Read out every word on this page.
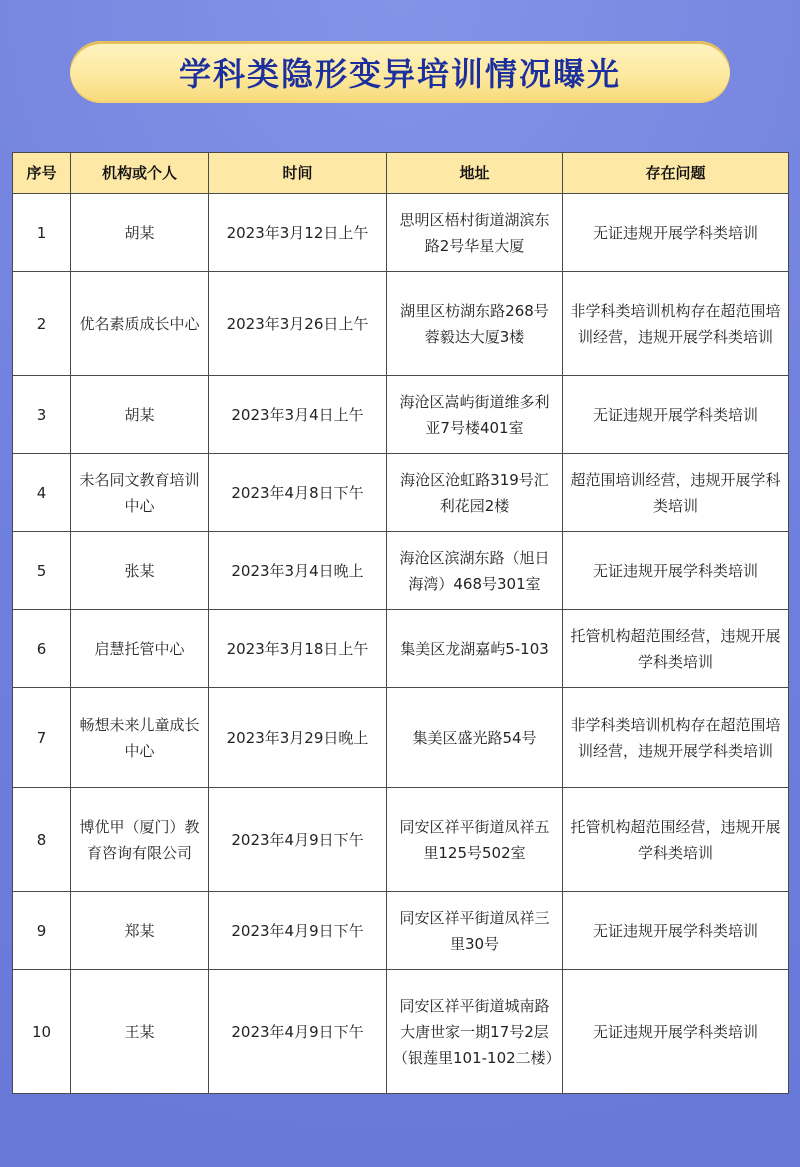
学科类隐形变异培训情况曝光
序号	机构或个人	时间	地址	存在问题
1	胡某	2023年3月12日上午	思明区梧村街道湖滨东路2号华星大厦	无证违规开展学科类培训
2	优名素质成长中心	2023年3月26日上午	湖里区枋湖东路268号蓉毅达大厦3楼	非学科类培训机构存在超范围培训经营，违规开展学科类培训
3	胡某	2023年3月4日上午	海沧区嵩屿街道维多利亚7号楼401室	无证违规开展学科类培训
4	未名同文教育培训中心	2023年4月8日下午	海沧区沧虹路319号汇利花园2楼	超范围培训经营，违规开展学科类培训
5	张某	2023年3月4日晚上	海沧区滨湖东路（旭日海湾）468号301室	无证违规开展学科类培训
6	启慧托管中心	2023年3月18日上午	集美区龙湖嘉屿5-103	托管机构超范围经营，违规开展学科类培训
7	畅想未来儿童成长中心	2023年3月29日晚上	集美区盛光路54号	非学科类培训机构存在超范围培训经营，违规开展学科类培训
8	博优甲（厦门）教育咨询有限公司	2023年4月9日下午	同安区祥平街道凤祥五里125号502室	托管机构超范围经营，违规开展学科类培训
9	郑某	2023年4月9日下午	同安区祥平街道凤祥三里30号	无证违规开展学科类培训
10	王某	2023年4月9日下午	同安区祥平街道城南路大唐世家一期17号2层（银莲里101-102二楼）	无证违规开展学科类培训
